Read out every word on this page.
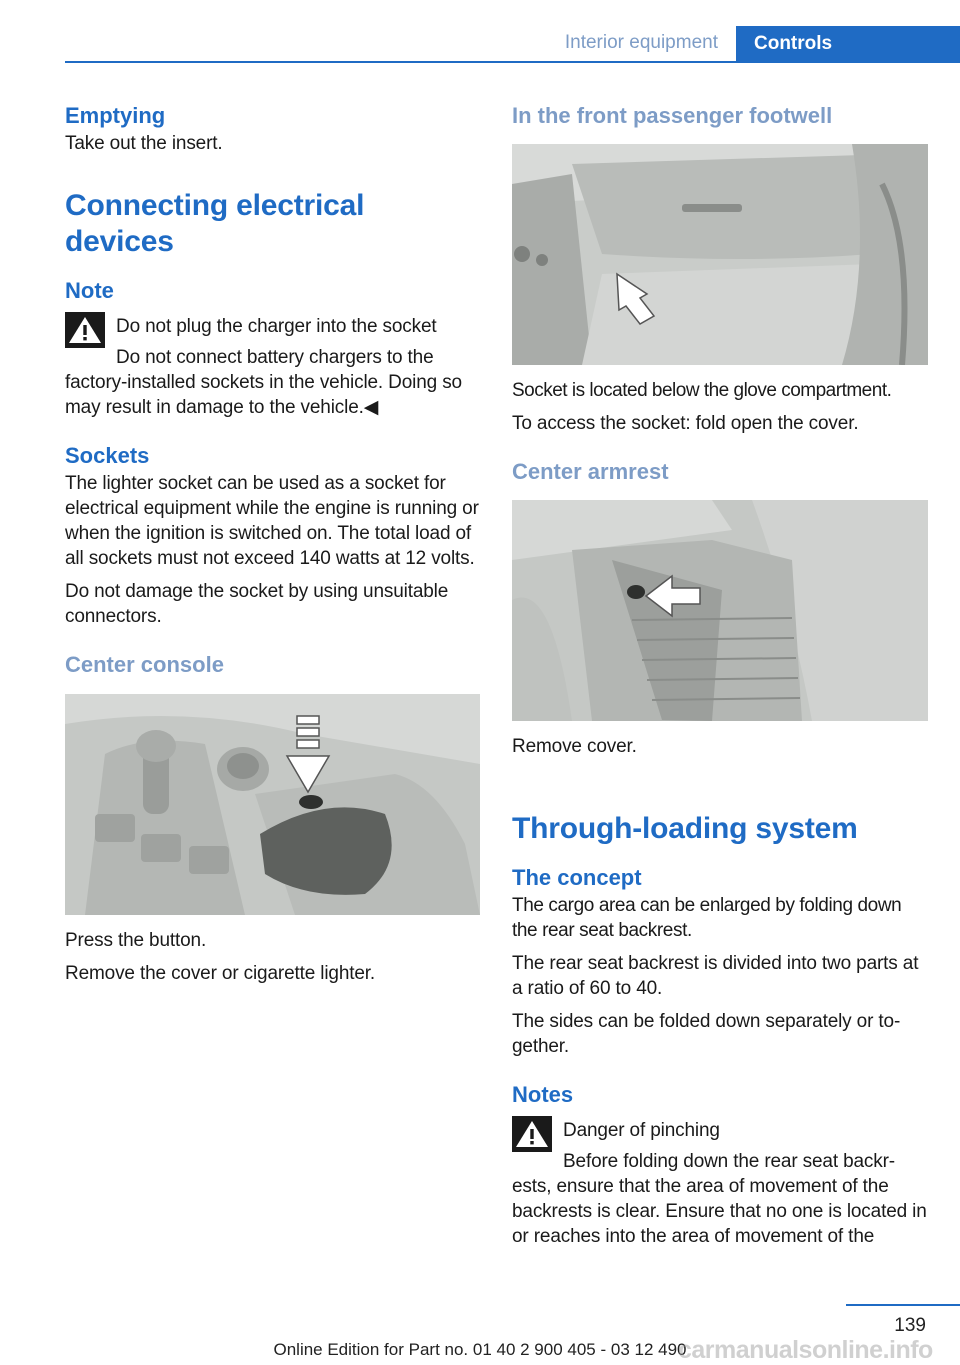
Interior equipment	Controls
Emptying

Take out the insert.

Connecting electrical devices
Note

Do not plug the charger into the socket

Do not connect battery chargers to the

factory-installed sockets in the vehicle. Doing so may result in damage to the vehicle.◀

Sockets

The lighter socket can be used as a socket for electrical equipment while the engine is running or when the ignition is switched on. The total load of all sockets must not exceed 140 watts at 12 volts.

Do not damage the socket by using unsuitable connectors.

Center console

Press the button.

Remove the cover or cigarette lighter.

In the front passenger footwell

Socket is located below the glove compartment.

To access the socket: fold open the cover.

Center armrest

Remove cover.

Through-loading system
The concept

The cargo area can be enlarged by folding down the rear seat backrest.

The rear seat backrest is divided into two parts at a ratio of 60 to 40.

The sides can be folded down separately or together.

Notes

Danger of pinching

Before folding down the rear seat backr‐

ests, ensure that the area of movement of the backrests is clear. Ensure that no one is located in or reaches into the area of movement of the

139
Online Edition for Part no. 01 40 2 900 405 - 03 12 490
carmanualsonline.info
